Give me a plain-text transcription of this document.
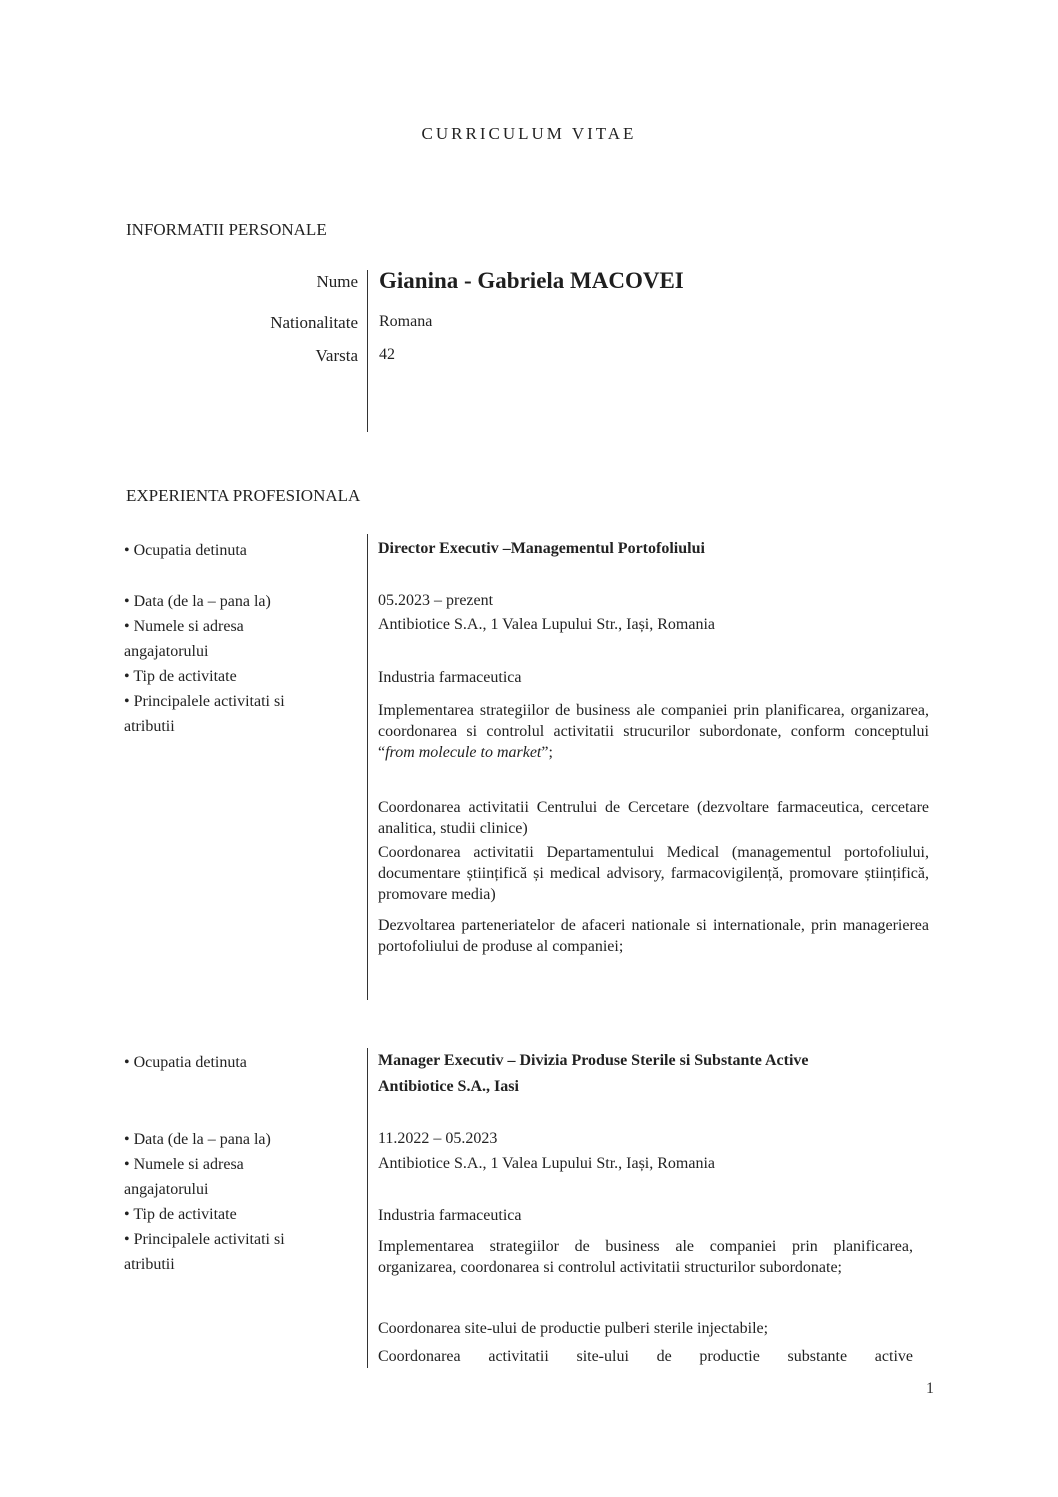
CURRICULUM VITAE
INFORMATII PERSONALE
Nume Gianina - Gabriela MACOVEI
Nationalitate Romana
Varsta 42
EXPERIENTA PROFESIONALA
• Ocupatia detinuta	Director Executiv –Managementul Portofoliului
• Data (de la – pana la)
• Numele si adresa
angajatorului
• Tip de activitate
• Principalele activitati si
atributii
05.2023 – prezent
Antibiotice S.A., 1 Valea Lupului Str., Iași, Romania
Industria farmaceutica
Implementarea strategiilor de business ale companiei prin planificarea, organizarea, coordonarea si controlul activitatii strucurilor subordonate, conform conceptului “from molecule to market”;
Coordonarea activitatii Centrului de Cercetare (dezvoltare farmaceutica, cercetare analitica, studii clinice)
Coordonarea activitatii Departamentului Medical (managementul portofoliului, documentare științifică și medical advisory, farmacovigilență, promovare științifică, promovare media)
Dezvoltarea parteneriatelor de afaceri nationale si internationale, prin managerierea portofoliului de produse al companiei;
• Ocupatia detinuta	Manager Executiv – Divizia Produse Sterile si Substante Active
Antibiotice S.A., Iasi
• Data (de la – pana la)
• Numele si adresa
angajatorului
• Tip de activitate
• Principalele activitati si
atributii
11.2022 – 05.2023
Antibiotice S.A., 1 Valea Lupului Str., Iași, Romania
Industria farmaceutica
Implementarea strategiilor de business ale companiei prin planificarea, organizarea, coordonarea si controlul activitatii structurilor subordonate;
Coordonarea site-ului de productie pulberi sterile injectabile;
Coordonarea activitatii site-ului de productie substante active
1
